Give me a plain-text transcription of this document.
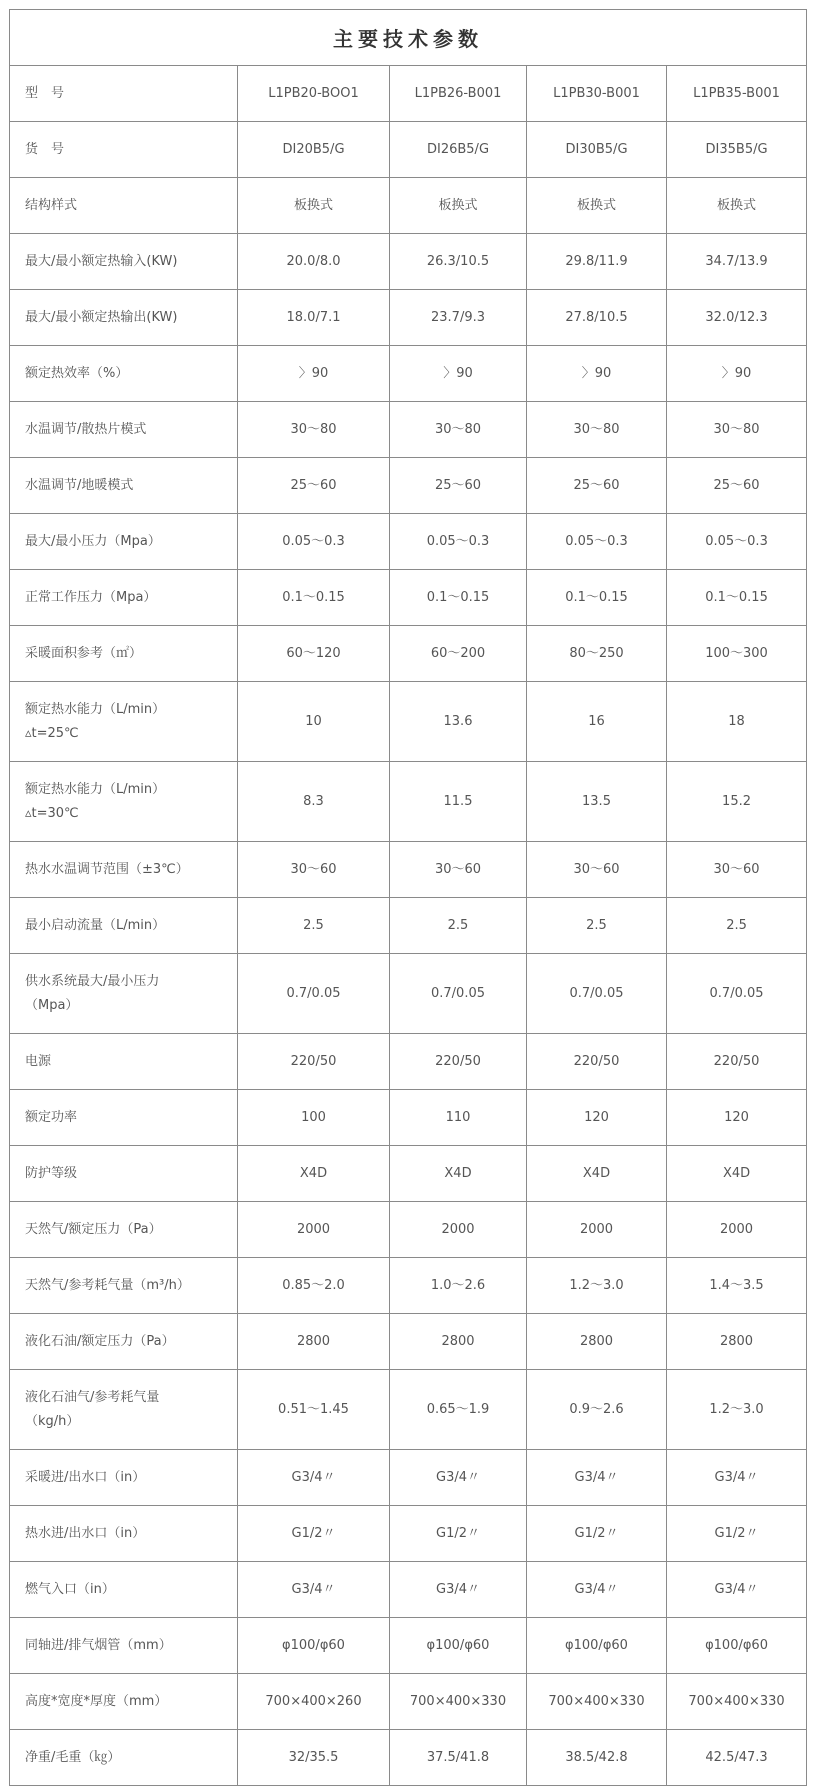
主要技术参数				

型　号	L1PB20-BOO1	L1PB26-B001	L1PB30-B001	L1PB35-B001

货　号	DI20B5/G	DI26B5/G	DI30B5/G	DI35B5/G

结构样式	板换式	板换式	板换式	板换式

最大/最小额定热输入(KW)	20.0/8.0	26.3/10.5	29.8/11.9	34.7/13.9

最大/最小额定热输出(KW)	18.0/7.1	23.7/9.3	27.8/10.5	32.0/12.3

额定热效率（%）	〉90	〉90	〉90	〉90

水温调节/散热片模式	30～80	30～80	30～80	30～80

水温调节/地暖模式	25～60	25～60	25～60	25～60

最大/最小压力（Mpa）	0.05～0.3	0.05～0.3	0.05～0.3	0.05～0.3

正常工作压力（Mpa）	0.1～0.15	0.1～0.15	0.1～0.15	0.1～0.15

采暖面积参考（㎡）	60～120	60～200	80～250	100～300

额定热水能力（L/min）
▵t=25℃	10	13.6	16	18

额定热水能力（L/min）
▵t=30℃	8.3	11.5	13.5	15.2

热水水温调节范围（±3℃）	30～60	30～60	30～60	30～60

最小启动流量（L/min）	2.5	2.5	2.5	2.5

供水系统最大/最小压力
（Mpa）	0.7/0.05	0.7/0.05	0.7/0.05	0.7/0.05

电源	220/50	220/50	220/50	220/50

额定功率	100	110	120	120

防护等级	X4D	X4D	X4D	X4D

天然气/额定压力（Pa）	2000	2000	2000	2000

天然气/参考耗气量（m³/h）	0.85～2.0	1.0～2.6	1.2～3.0	1.4～3.5

液化石油/额定压力（Pa）	2800	2800	2800	2800

液化石油气/参考耗气量
（kg/h）	0.51～1.45	0.65～1.9	0.9～2.6	1.2～3.0

采暖进/出水口（in）	G3/4〃	G3/4〃	G3/4〃	G3/4〃

热水进/出水口（in）	G1/2〃	G1/2〃	G1/2〃	G1/2〃

燃气入口（in）	G3/4〃	G3/4〃	G3/4〃	G3/4〃

同轴进/排气烟管（mm）	φ100/φ60	φ100/φ60	φ100/φ60	φ100/φ60

高度*宽度*厚度（mm）	700×400×260	700×400×330	700×400×330	700×400×330

净重/毛重（㎏）	32/35.5	37.5/41.8	38.5/42.8	42.5/47.3
